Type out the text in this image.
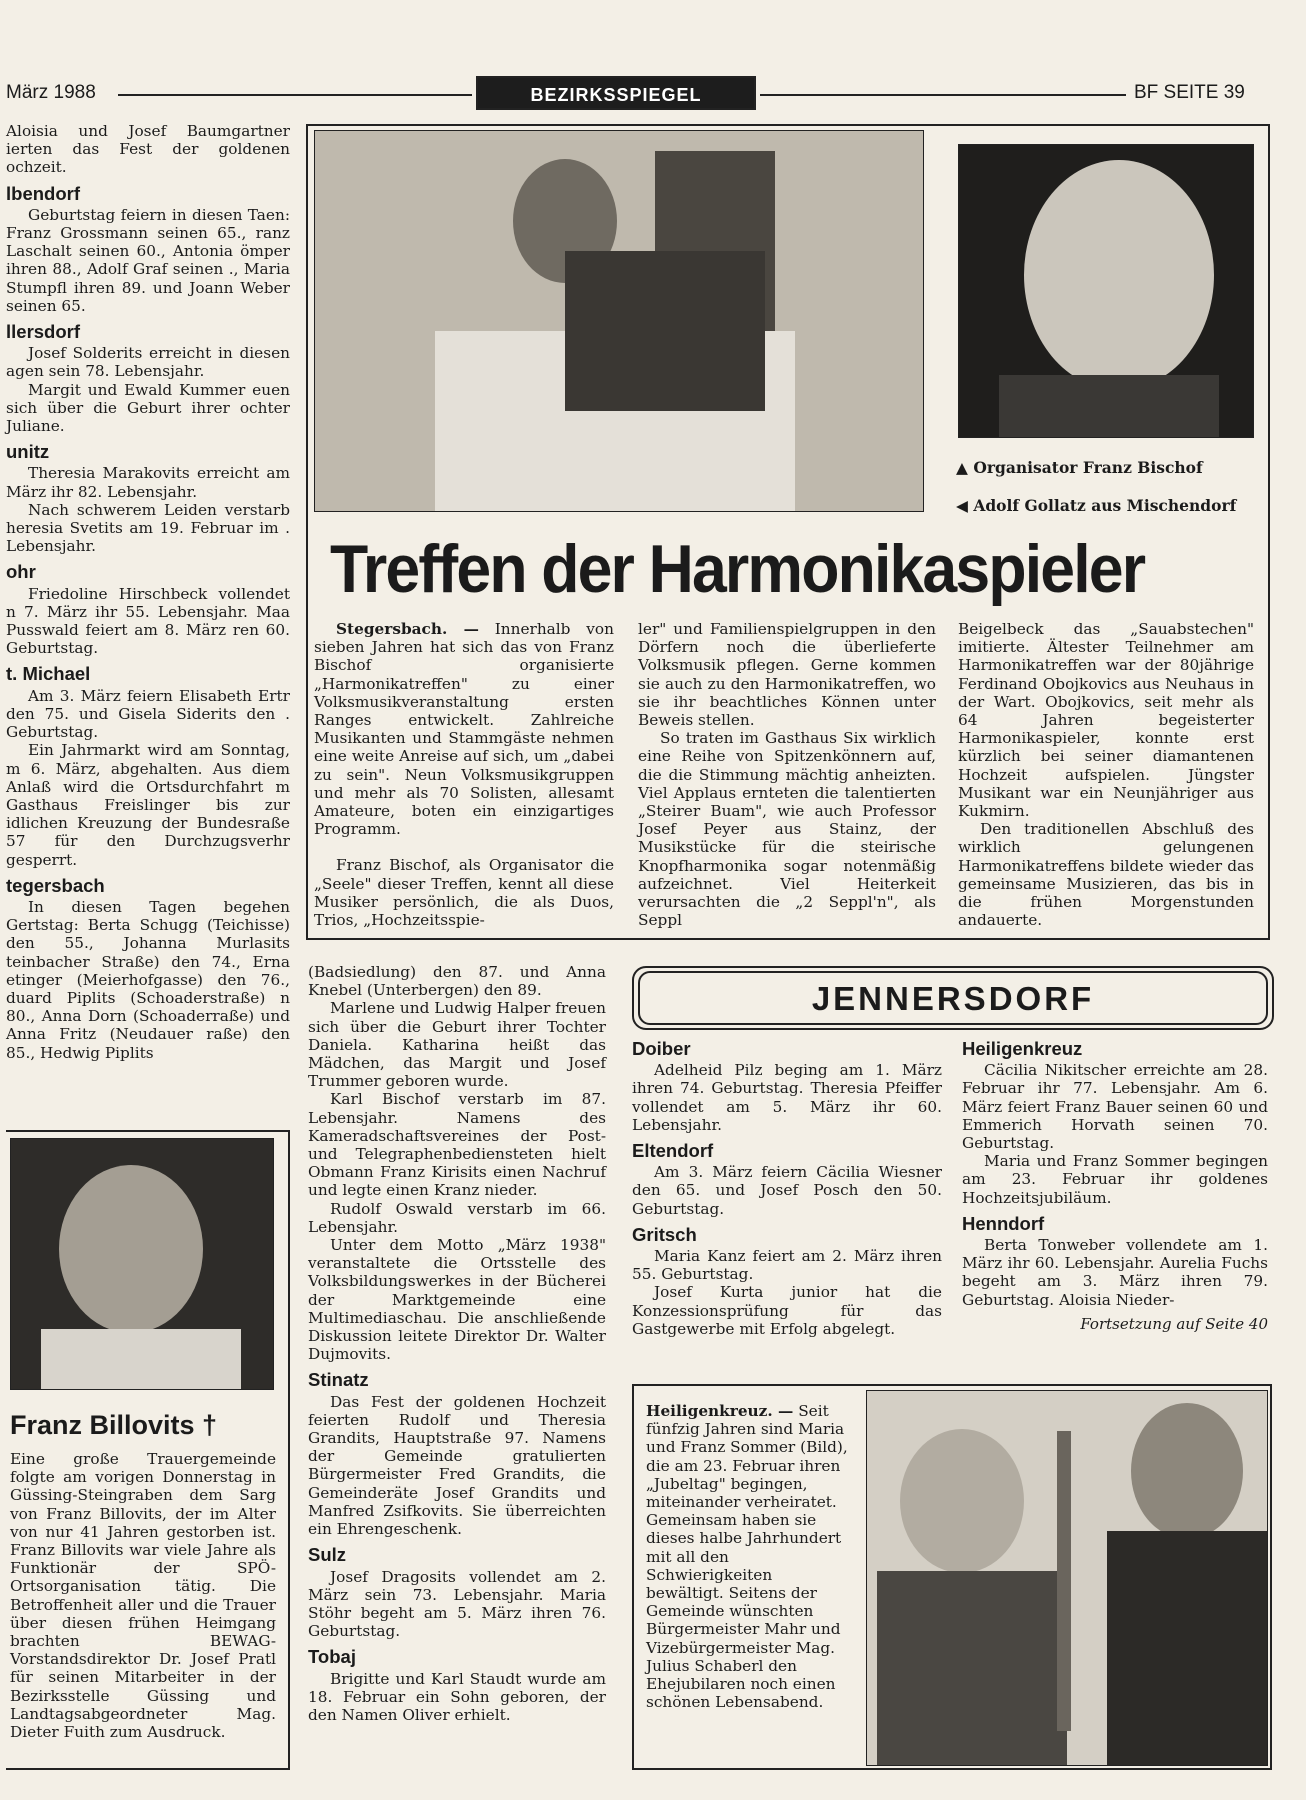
März 1988	BEZIRKSSPIEGEL	BF SEITE 39

Aloisia und Josef Baumgartner ierten das Fest der goldenen ochzeit.

lbendorf

Geburtstag feiern in diesen Taen: Franz Grossmann seinen 65., ranz Laschalt seinen 60., Antonia ömper ihren 88., Adolf Graf seinen ., Maria Stumpfl ihren 89. und Joann Weber seinen 65.

llersdorf

Josef Solderits erreicht in diesen agen sein 78. Lebensjahr.

Margit und Ewald Kummer euen sich über die Geburt ihrer ochter Juliane.

unitz

Theresia Marakovits erreicht am März ihr 82. Lebensjahr.

Nach schwerem Leiden verstarb heresia Svetits am 19. Februar im . Lebensjahr.

ohr

Friedoline Hirschbeck vollendet n 7. März ihr 55. Lebensjahr. Maa Pusswald feiert am 8. März ren 60. Geburtstag.

t. Michael

Am 3. März feiern Elisabeth Ertr den 75. und Gisela Siderits den . Geburtstag.

Ein Jahrmarkt wird am Sonntag, m 6. März, abgehalten. Aus diem Anlaß wird die Ortsdurchfahrt m Gasthaus Freislinger bis zur idlichen Kreuzung der Bundesraße 57 für den Durchzugsverhr gesperrt.

tegersbach

In diesen Tagen begehen Gertstag: Berta Schugg (Teichisse) den 55., Johanna Murlasits teinbacher Straße) den 74., Erna etinger (Meierhofgasse) den 76., duard Piplits (Schoaderstraße) n 80., Anna Dorn (Schoaderraße) und Anna Fritz (Neudauer raße) den 85., Hedwig Piplits

Franz Billovits †

Eine große Trauergemeinde folgte am vorigen Donnerstag in Güssing-Steingraben dem Sarg von Franz Billovits, der im Alter von nur 41 Jahren gestorben ist. Franz Billovits war viele Jahre als Funktionär der SPÖ-Ortsorganisation tätig. Die Betroffenheit aller und die Trauer über diesen frühen Heimgang brachten BEWAG-Vorstandsdirektor Dr. Josef Pratl für seinen Mitarbeiter in der Bezirksstelle Güssing und Landtagsabgeordneter Mag. Dieter Fuith zum Ausdruck.

▲ Organisator Franz Bischof
◀ Adolf Gollatz aus Mischendorf
Treffen der Harmonikaspieler

Stegersbach. — Innerhalb von sieben Jahren hat sich das von Franz Bischof organisierte „Harmonikatreffen" zu einer Volksmusikveranstaltung ersten Ranges entwickelt. Zahlreiche Musikanten und Stammgäste nehmen eine weite Anreise auf sich, um „dabei zu sein". Neun Volksmusikgruppen und mehr als 70 Solisten, allesamt Amateure, boten ein einzigartiges Programm.

Franz Bischof, als Organisator die „Seele" dieser Treffen, kennt all diese Musiker persönlich, die als Duos, Trios, „Hochzeitsspie-

ler" und Familienspielgruppen in den Dörfern noch die überlieferte Volksmusik pflegen. Gerne kommen sie auch zu den Harmonikatreffen, wo sie ihr beachtliches Können unter Beweis stellen.

So traten im Gasthaus Six wirklich eine Reihe von Spitzenkönnern auf, die die Stimmung mächtig anheizten. Viel Applaus ernteten die talentierten „Steirer Buam", wie auch Professor Josef Peyer aus Stainz, der Musikstücke für die steirische Knopfharmonika sogar notenmäßig aufzeichnet. Viel Heiterkeit verursachten die „2 Seppl'n", als Seppl

Beigelbeck das „Sauabstechen" imitierte. Ältester Teilnehmer am Harmonikatreffen war der 80jährige Ferdinand Obojkovics aus Neuhaus in der Wart. Obojkovics, seit mehr als 64 Jahren begeisterter Harmonikaspieler, konnte erst kürzlich bei seiner diamantenen Hochzeit aufspielen. Jüngster Musikant war ein Neunjähriger aus Kukmirn.

Den traditionellen Abschluß des wirklich gelungenen Harmonikatreffens bildete wieder das gemeinsame Musizieren, das bis in die frühen Morgenstunden andauerte.

(Badsiedlung) den 87. und Anna Knebel (Unterbergen) den 89.

Marlene und Ludwig Halper freuen sich über die Geburt ihrer Tochter Daniela. Katharina heißt das Mädchen, das Margit und Josef Trummer geboren wurde.

Karl Bischof verstarb im 87. Lebensjahr. Namens des Kameradschaftsvereines der Post- und Telegraphenbediensteten hielt Obmann Franz Kirisits einen Nachruf und legte einen Kranz nieder.

Rudolf Oswald verstarb im 66. Lebensjahr.

Unter dem Motto „März 1938" veranstaltete die Ortsstelle des Volksbildungswerkes in der Bücherei der Marktgemeinde eine Multimediaschau. Die anschließende Diskussion leitete Direktor Dr. Walter Dujmovits.

Stinatz

Das Fest der goldenen Hochzeit feierten Rudolf und Theresia Grandits, Hauptstraße 97. Namens der Gemeinde gratulierten Bürgermeister Fred Grandits, die Gemeinderäte Josef Grandits und Manfred Zsifkovits. Sie überreichten ein Ehrengeschenk.

Sulz

Josef Dragosits vollendet am 2. März sein 73. Lebensjahr. Maria Stöhr begeht am 5. März ihren 76. Geburtstag.

Tobaj

Brigitte und Karl Staudt wurde am 18. Februar ein Sohn geboren, der den Namen Oliver erhielt.

JENNERSDORF
Doiber

Adelheid Pilz beging am 1. März ihren 74. Geburtstag. Theresia Pfeiffer vollendet am 5. März ihr 60. Lebensjahr.

Eltendorf

Am 3. März feiern Cäcilia Wiesner den 65. und Josef Posch den 50. Geburtstag.

Gritsch

Maria Kanz feiert am 2. März ihren 55. Geburtstag.

Josef Kurta junior hat die Konzessionsprüfung für das Gastgewerbe mit Erfolg abgelegt.

Heiligenkreuz

Cäcilia Nikitscher erreichte am 28. Februar ihr 77. Lebensjahr. Am 6. März feiert Franz Bauer seinen 60 und Emmerich Horvath seinen 70. Geburtstag.

Maria und Franz Sommer begingen am 23. Februar ihr goldenes Hochzeitsjubiläum.

Henndorf

Berta Tonweber vollendete am 1. März ihr 60. Lebensjahr. Aurelia Fuchs begeht am 3. März ihren 79. Geburtstag. Aloisia Nieder-

Fortsetzung auf Seite 40

Heiligenkreuz. — Seit fünfzig Jahren sind Maria und Franz Sommer (Bild), die am 23. Februar ihren „Jubeltag" begingen, miteinander verheiratet. Gemeinsam haben sie dieses halbe Jahrhundert mit all den Schwierigkeiten bewältigt. Seitens der Gemeinde wünschten Bürgermeister Mahr und Vizebürgermeister Mag. Julius Schaberl den Ehejubilaren noch einen schönen Lebensabend.
